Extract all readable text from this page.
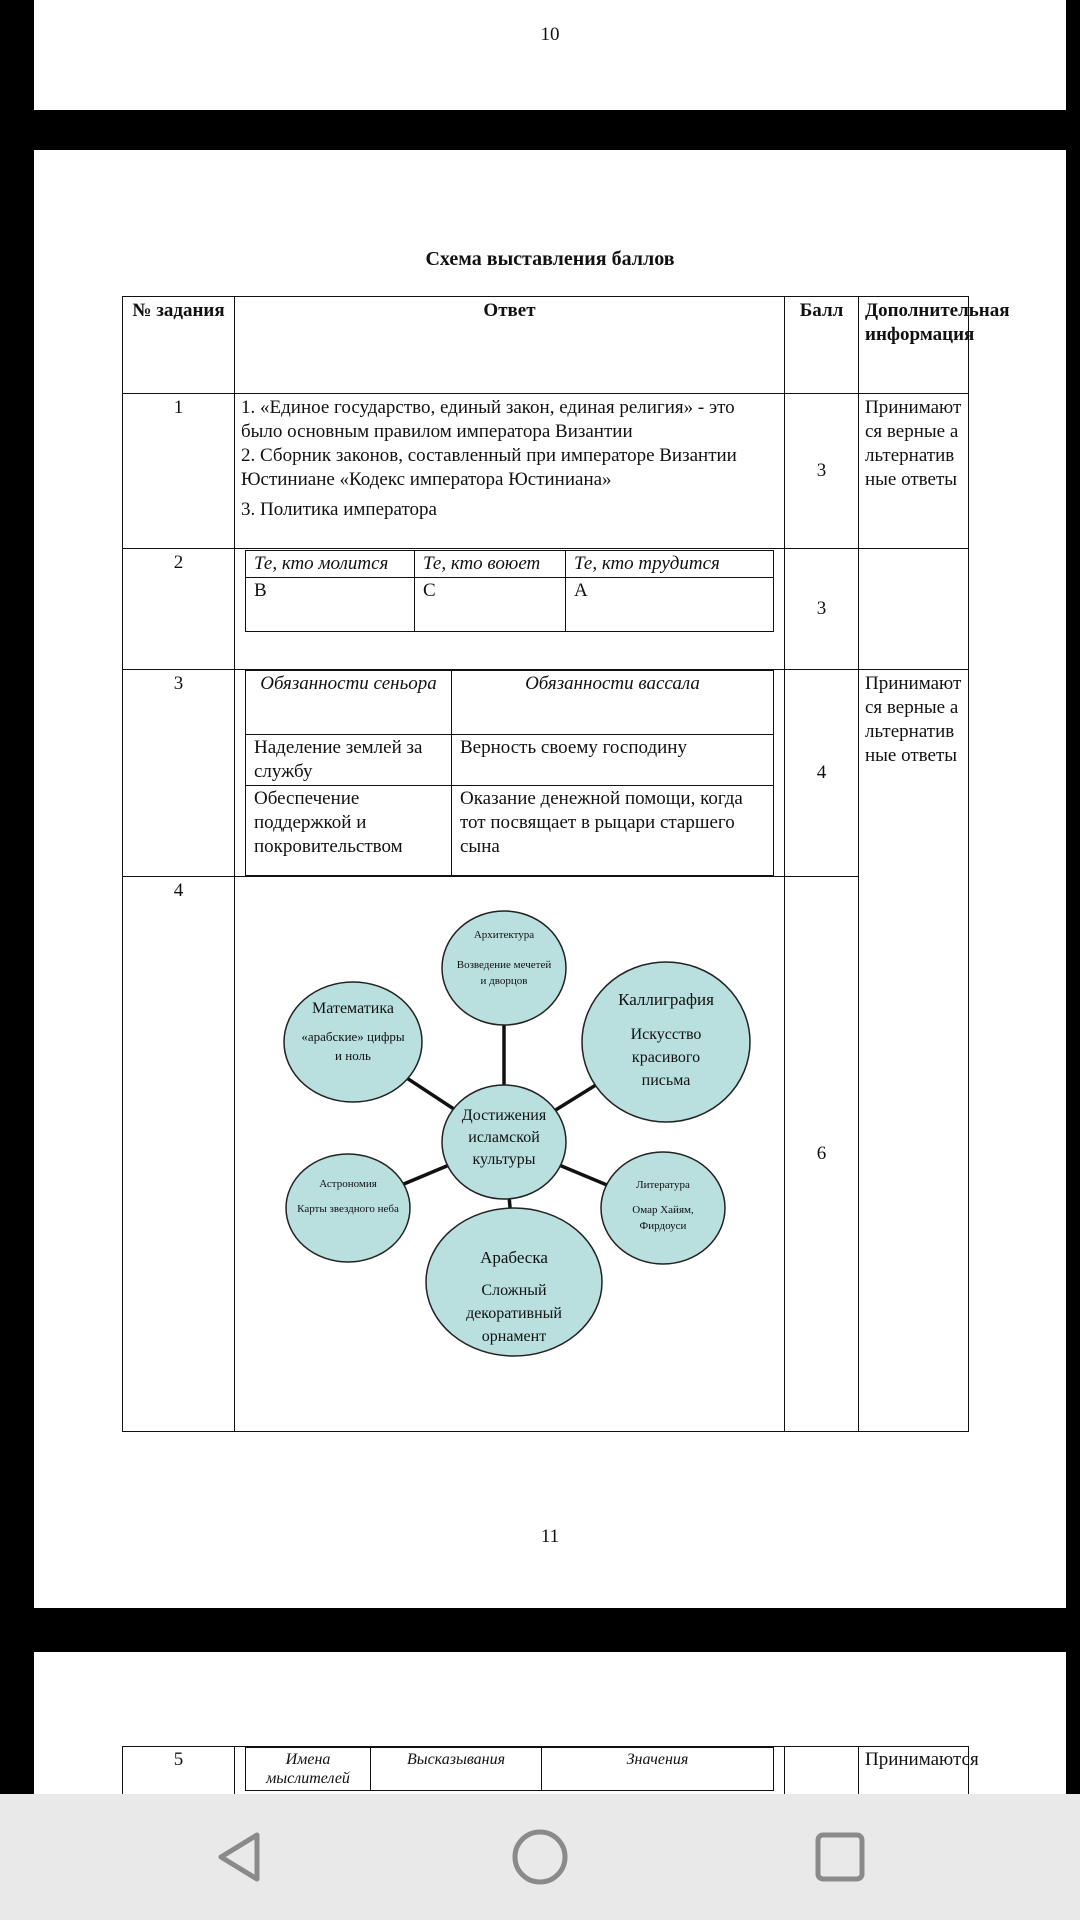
10
Схема выставления баллов
№ задания	Ответ	Балл	Дополнительная информация
1	1. «Единое государство, единый закон, единая религия» - это было основным правилом императора Византии
2. Сборник законов, составленный при императоре Византии Юстиниане «Кодекс императора Юстиниана»
3. Политика императора
	3	Принимаются верные альтернативные ответы
2		Те, кто молится	Те, кто воюет	Те, кто трудится
В	С	А
	3	
3		Обязанности сеньора	Обязанности вассала
Наделение землей за службу	Верность своему господину
Обеспечение поддержкой и покровительством	Оказание денежной помощи, когда тот посвящает в рыцари старшего сына
	4	Принимаются верные альтернативные ответы
4	
Архитектура
Возведение мечетей и дворцов
Математика
«арабские» цифры и ноль
Каллиграфия
Искусство красивого письма
Достижения исламской культуры
Астрономия
Карты звездного неба
Литература
Омар Хайям, Фирдоуси
Арабеска
Сложный декоративный орнамент
	6	
11
5		Имена мыслителей	Высказывания	Значения
			Принимаются
